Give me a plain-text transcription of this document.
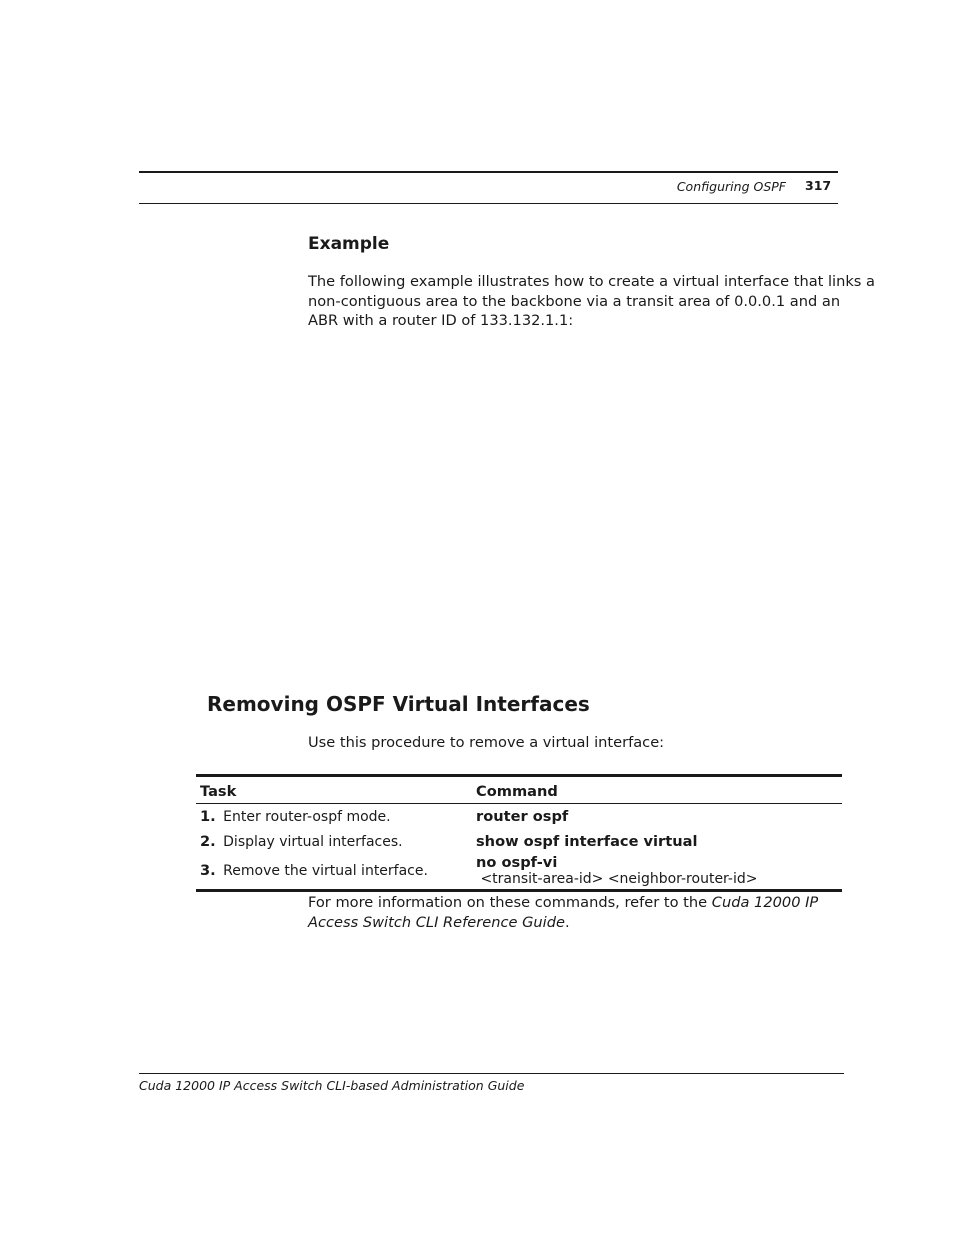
Configuring OSPF 317
Example
The following example illustrates how to create a virtual interface that links a
non-contiguous area to the backbone via a transit area of 0.0.0.1 and an
ABR with a router ID of 133.132.1.1:
Removing OSPF Virtual Interfaces
Use this procedure to remove a virtual interface:
Task	Command
1. Enter router-ospf mode.	router ospf
2. Display virtual interfaces.	show ospf interface virtual
3. Remove the virtual interface.	no ospf-vi <transit-area-id> <neighbor-router-id>
For more information on these commands, refer to the Cuda 12000 IP
Access Switch CLI Reference Guide.
Cuda 12000 IP Access Switch CLI-based Administration Guide
